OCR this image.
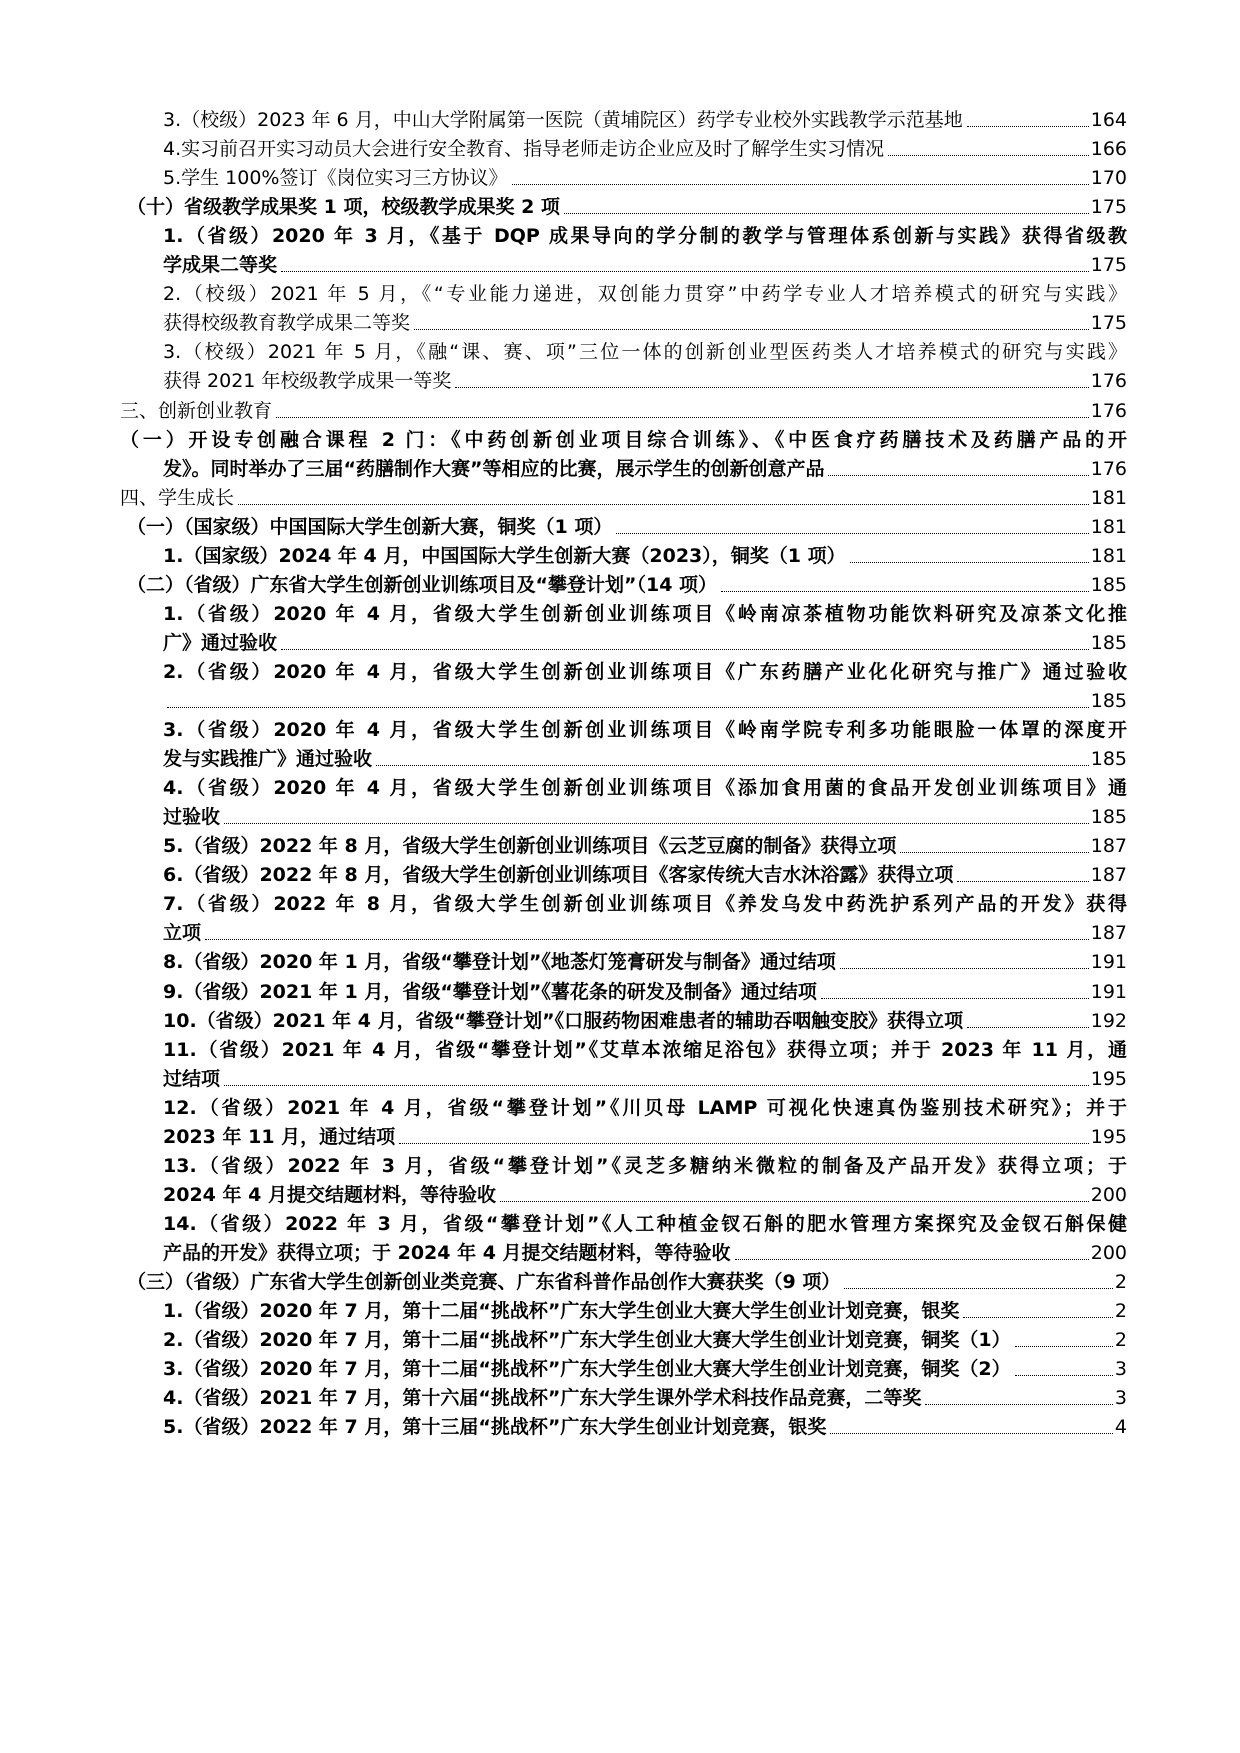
3.（校级）2023 年 6 月，中山大学附属第一医院（黄埔院区）药学专业校外实践教学示范基地	164
4.实习前召开实习动员大会进行安全教育、指导老师走访企业应及时了解学生实习情况	166
5.学生 100%签订《岗位实习三方协议》	170
（十）省级教学成果奖 1 项，校级教学成果奖 2 项	175
1.（省级）2020 年 3 月，《基于 DQP 成果导向的学分制的教学与管理体系创新与实践》获得省级教
学成果二等奖	175
2.（校级）2021 年 5 月，《“专业能力递进，双创能力贯穿”中药学专业人才培养模式的研究与实践》
获得校级教育教学成果二等奖	175
3.（校级）2021 年 5 月，《融“课、赛、项”三位一体的创新创业型医药类人才培养模式的研究与实践》
获得 2021 年校级教学成果一等奖	176
三、创新创业教育	176
（一）开设专创融合课程 2 门：《中药创新创业项目综合训练》、《中医食疗药膳技术及药膳产品的开
发》。同时举办了三届“药膳制作大赛”等相应的比赛，展示学生的创新创意产品	176
四、学生成长	181
（一）（国家级）中国国际大学生创新大赛，铜奖（1 项）	181
1.（国家级）2024 年 4 月，中国国际大学生创新大赛（2023），铜奖（1 项）	181
（二）（省级）广东省大学生创新创业训练项目及“攀登计划”（14 项）	185
1.（省级）2020 年 4 月，省级大学生创新创业训练项目《岭南凉茶植物功能饮料研究及凉茶文化推
广》通过验收	185
2.（省级）2020 年 4 月，省级大学生创新创业训练项目《广东药膳产业化化研究与推广》通过验收
185
3.（省级）2020 年 4 月，省级大学生创新创业训练项目《岭南学院专利多功能眼脸一体罩的深度开
发与实践推广》通过验收	185
4.（省级）2020 年 4 月，省级大学生创新创业训练项目《添加食用菌的食品开发创业训练项目》通
过验收	185
5.（省级）2022 年 8 月，省级大学生创新创业训练项目《云芝豆腐的制备》获得立项	187
6.（省级）2022 年 8 月，省级大学生创新创业训练项目《客家传统大吉水沐浴露》获得立项	187
7.（省级）2022 年 8 月，省级大学生创新创业训练项目《养发乌发中药洗护系列产品的开发》获得
立项	187
8.（省级）2020 年 1 月，省级“攀登计划”《地菍灯笼膏研发与制备》通过结项	191
9.（省级）2021 年 1 月，省级“攀登计划”《薯花条的研发及制备》通过结项	191
10.（省级）2021 年 4 月，省级“攀登计划”《口服药物困难患者的辅助吞咽触变胶》获得立项	192
11.（省级）2021 年 4 月，省级“攀登计划”《艾草本浓缩足浴包》获得立项；并于 2023 年 11 月，通
过结项	195
12.（省级）2021 年 4 月，省级“攀登计划”《川贝母 LAMP 可视化快速真伪鉴别技术研究》；并于
2023 年 11 月，通过结项	195
13.（省级）2022 年 3 月，省级“攀登计划”《灵芝多糖纳米微粒的制备及产品开发》获得立项；于
2024 年 4 月提交结题材料，等待验收	200
14.（省级）2022 年 3 月，省级“攀登计划”《人工种植金钗石斛的肥水管理方案探究及金钗石斛保健
产品的开发》获得立项；于 2024 年 4 月提交结题材料，等待验收	200
（三）（省级）广东省大学生创新创业类竞赛、广东省科普作品创作大赛获奖（9 项）	2
1.（省级）2020 年 7 月，第十二届“挑战杯”广东大学生创业大赛大学生创业计划竞赛，银奖	2
2.（省级）2020 年 7 月，第十二届“挑战杯”广东大学生创业大赛大学生创业计划竞赛，铜奖（1）	2
3.（省级）2020 年 7 月，第十二届“挑战杯”广东大学生创业大赛大学生创业计划竞赛，铜奖（2）	3
4.（省级）2021 年 7 月，第十六届“挑战杯”广东大学生课外学术科技作品竞赛，二等奖	3
5.（省级）2022 年 7 月，第十三届“挑战杯”广东大学生创业计划竞赛，银奖	4
